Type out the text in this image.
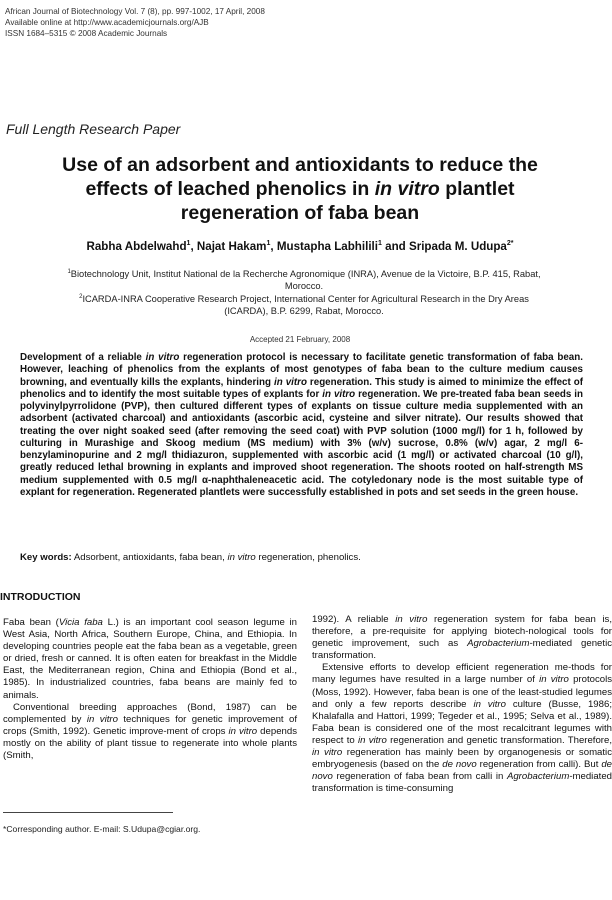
African Journal of Biotechnology Vol. 7 (8), pp. 997-1002, 17 April, 2008
Available online at http://www.academicjournals.org/AJB
ISSN 1684–5315 © 2008 Academic Journals
Full Length Research Paper
Use of an adsorbent and antioxidants to reduce the
effects of leached phenolics in in vitro plantlet
regeneration of faba bean
Rabha Abdelwahd$^1$, Najat Hakam$^1$, Mustapha Labhilili$^1$ and Sripada M. Udupa$^{2*}$
$^1$Biotechnology Unit, Institut National de la Recherche Agronomique (INRA), Avenue de la Victoire, B.P. 415, Rabat,
Morocco.
$^2$ICARDA-INRA Cooperative Research Project, International Center for Agricultural Research in the Dry Areas
(ICARDA), B.P. 6299, Rabat, Morocco.
Accepted 21 February, 2008
Development of a reliable in vitro regeneration protocol is necessary to facilitate genetic transformation of faba bean. However, leaching of phenolics from the explants of most genotypes of faba bean to the culture medium causes browning, and eventually kills the explants, hindering in vitro regeneration. This study is aimed to minimize the effect of phenolics and to identify the most suitable types of explants for in vitro regeneration. We pre-treated faba bean seeds in polyvinylpyrrolidone (PVP), then cultured different types of explants on tissue culture media supplemented with an adsorbent (activated charcoal) and antioxidants (ascorbic acid, cysteine and silver nitrate). Our results showed that treating the over night soaked seed (after removing the seed coat) with PVP solution (1000 mg/l) for 1 h, followed by culturing in Murashige and Skoog medium (MS medium) with 3% (w/v) sucrose, 0.8% (w/v) agar, 2 mg/l 6-benzylaminopurine and 2 mg/l thidiazuron, supplemented with ascorbic acid (1 mg/l) or activated charcoal (10 g/l), greatly reduced lethal browning in explants and improved shoot regeneration. The shoots rooted on half-strength MS medium supplemented with 0.5 mg/l α-naphthaleneacetic acid. The cotyledonary node is the most suitable type of explant for regeneration. Regenerated plantlets were successfully established in pots and set seeds in the green house.
Key words: Adsorbent, antioxidants, faba bean, in vitro regeneration, phenolics.
INTRODUCTION

Faba bean (Vicia faba L.) is an important cool season legume in West Asia, North Africa, Southern Europe, China, and Ethiopia. In developing countries people eat the faba bean as a vegetable, green or dried, fresh or canned. It is often eaten for breakfast in the Middle East, the Mediterranean region, China and Ethiopia (Bond et al., 1985). In industrialized countries, faba beans are mainly fed to animals.

Conventional breeding approaches (Bond, 1987) can be complemented by in vitro techniques for genetic improvement of crops (Smith, 1992). Genetic improve-ment of crops in vitro depends mostly on the ability of plant tissue to regenerate into whole plants (Smith,

1992). A reliable in vitro regeneration system for faba bean is, therefore, a pre-requisite for applying biotech-nological tools for genetic improvement, such as Agrobacterium-mediated genetic transformation.

Extensive efforts to develop efficient regeneration me-thods for many legumes have resulted in a large number of in vitro protocols (Moss, 1992). However, faba bean is one of the least-studied legumes and only a few reports describe in vitro culture (Busse, 1986; Khalafalla and Hattori, 1999; Tegeder et al., 1995; Selva et al., 1989). Faba bean is considered one of the most recalcitrant legumes with respect to in vitro regeneration and genetic transformation. Therefore, in vitro regeneration has mainly been by organogenesis or somatic embryogenesis (based on the de novo regeneration from calli). But de novo regeneration of faba bean from calli in Agrobacterium-mediated transformation is time-consuming

*Corresponding author. E-mail: S.Udupa@cgiar.org.
